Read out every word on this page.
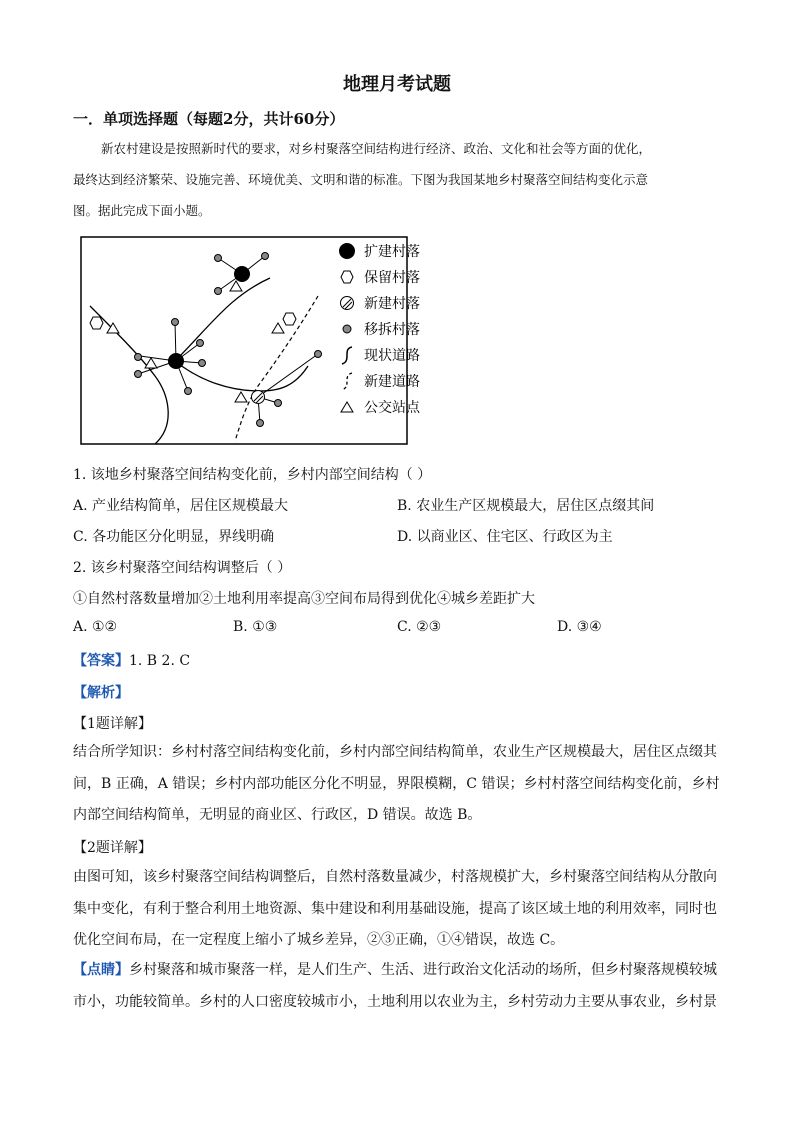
地理月考试题
一．单项选择题（每题2分，共计60分）

新农村建设是按照新时代的要求，对乡村聚落空间结构进行经济、政治、文化和社会等方面的优化，

最终达到经济繁荣、设施完善、环境优美、文明和谐的标准。下图为我国某地乡村聚落空间结构变化示意

图。据此完成下面小题。

扩建村落
保留村落
新建村落
移拆村落
现状道路
新建道路
公交站点
1. 该地乡村聚落空间结构变化前，乡村内部空间结构（ ）
A. 产业结构简单，居住区规模最大	B. 农业生产区规模最大，居住区点缀其间
C. 各功能区分化明显，界线明确	D. 以商业区、住宅区、行政区为主
2. 该乡村聚落空间结构调整后（ ）
①自然村落数量增加②土地利用率提高③空间布局得到优化④城乡差距扩大
A. ①②	B. ①③	C. ②③	D. ③④
【答案】1. B 2. C
【解析】
【1题详解】

结合所学知识：乡村村落空间结构变化前，乡村内部空间结构简单，农业生产区规模最大，居住区点缀其

间，B 正确，A 错误；乡村内部功能区分化不明显，界限模糊，C 错误；乡村村落空间结构变化前，乡村

内部空间结构简单，无明显的商业区、行政区，D 错误。故选 B。

【2题详解】

由图可知，该乡村聚落空间结构调整后，自然村落数量减少，村落规模扩大，乡村聚落空间结构从分散向

集中变化，有利于整合利用土地资源、集中建设和利用基础设施，提高了该区域土地的利用效率，同时也

优化空间布局，在一定程度上缩小了城乡差异，②③正确，①④错误，故选 C。

【点睛】乡村聚落和城市聚落一样，是人们生产、生活、进行政治文化活动的场所，但乡村聚落规模较城

市小，功能较简单。乡村的人口密度较城市小，土地利用以农业为主，乡村劳动力主要从事农业，乡村景
